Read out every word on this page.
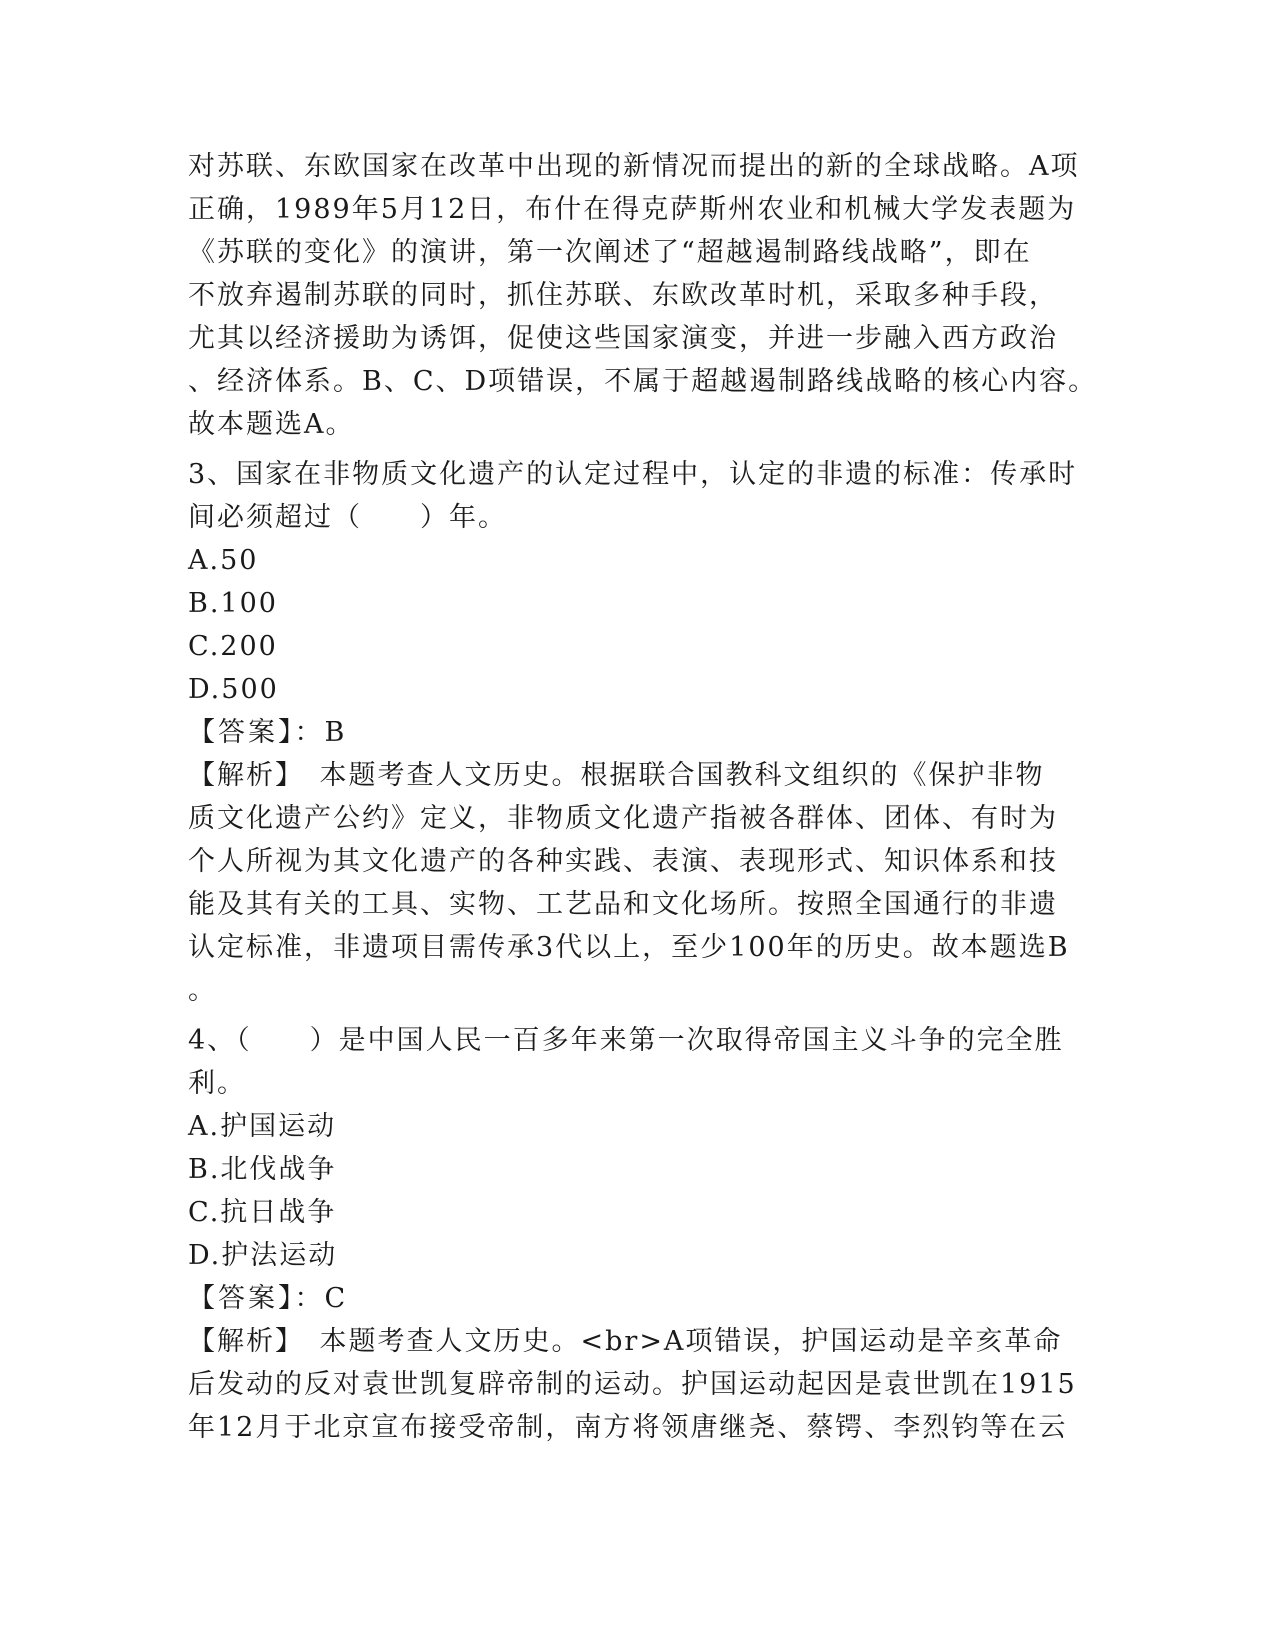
对苏联、东欧国家在改革中出现的新情况而提出的新的全球战略。A项
正确，1989年5月12日，布什在得克萨斯州农业和机械大学发表题为
《苏联的变化》的演讲，第一次阐述了“超越遏制路线战略”，即在
不放弃遏制苏联的同时，抓住苏联、东欧改革时机，采取多种手段，
尤其以经济援助为诱饵，促使这些国家演变，并进一步融入西方政治
、经济体系。B、C、D项错误，不属于超越遏制路线战略的核心内容。
故本题选A。
3、国家在非物质文化遗产的认定过程中，认定的非遗的标准：传承时
间必须超过（　　）年。
A.50
B.100
C.200
D.500
【答案】：B
【解析】　本题考查人文历史。根据联合国教科文组织的《保护非物
质文化遗产公约》定义，非物质文化遗产指被各群体、团体、有时为
个人所视为其文化遗产的各种实践、表演、表现形式、知识体系和技
能及其有关的工具、实物、工艺品和文化场所。按照全国通行的非遗
认定标准，非遗项目需传承3代以上，至少100年的历史。故本题选B
。
4、（　　）是中国人民一百多年来第一次取得帝国主义斗争的完全胜
利。
A.护国运动
B.北伐战争
C.抗日战争
D.护法运动
【答案】：C
【解析】　本题考查人文历史。<br>A项错误，护国运动是辛亥革命
后发动的反对袁世凯复辟帝制的运动。护国运动起因是袁世凯在1915
年12月于北京宣布接受帝制，南方将领唐继尧、蔡锷、李烈钧等在云
